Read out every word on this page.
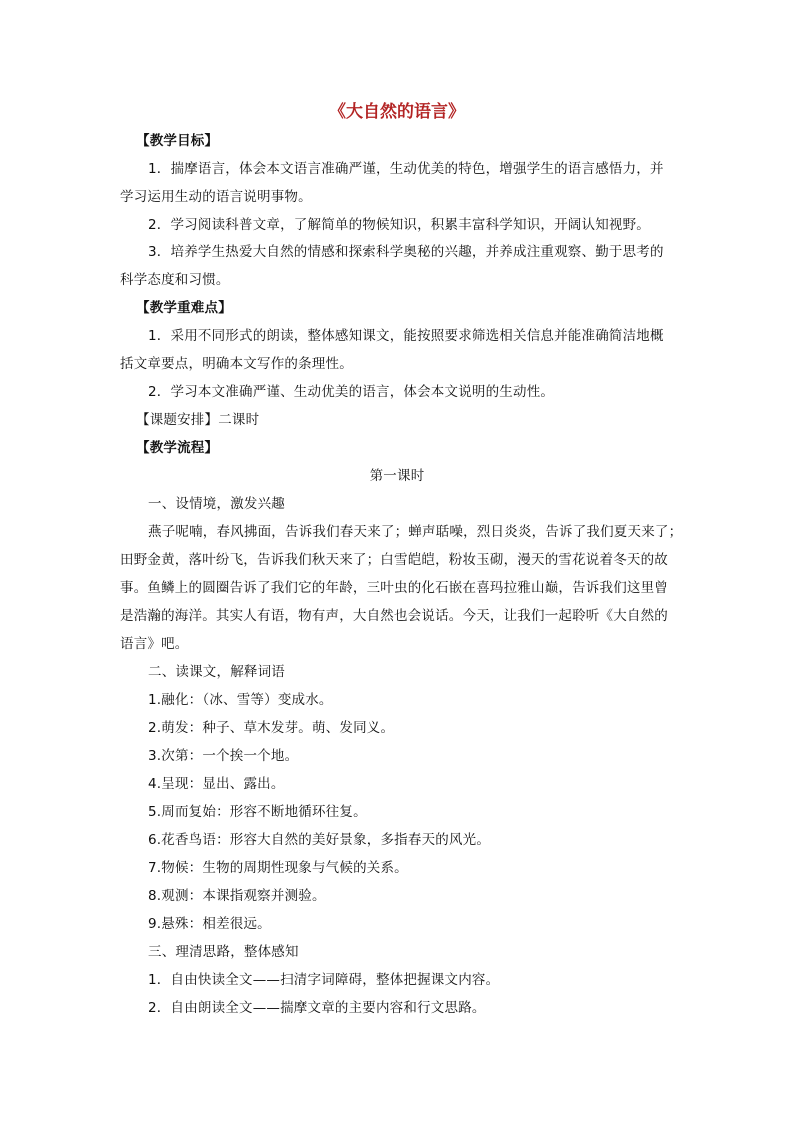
《大自然的语言》
【教学目标】
1．揣摩语言，体会本文语言准确严谨，生动优美的特色，增强学生的语言感悟力，并
学习运用生动的语言说明事物。
2．学习阅读科普文章，了解简单的物候知识，积累丰富科学知识，开阔认知视野。
3．培养学生热爱大自然的情感和探索科学奥秘的兴趣，并养成注重观察、勤于思考的
科学态度和习惯。
【教学重难点】
1．采用不同形式的朗读，整体感知课文，能按照要求筛选相关信息并能准确简洁地概
括文章要点，明确本文写作的条理性。
2．学习本文准确严谨、生动优美的语言，体会本文说明的生动性。
【课题安排】二课时
【教学流程】
第一课时
一、设情境，激发兴趣
燕子呢喃，春风拂面，告诉我们春天来了；蝉声聒噪，烈日炎炎，告诉了我们夏天来了；
田野金黄，落叶纷飞，告诉我们秋天来了；白雪皑皑，粉妆玉砌，漫天的雪花说着冬天的故
事。鱼鳞上的圆圈告诉了我们它的年龄，三叶虫的化石嵌在喜玛拉雅山巅，告诉我们这里曾
是浩瀚的海洋。其实人有语，物有声，大自然也会说话。今天，让我们一起聆听《大自然的
语言》吧。
二、读课文，解释词语
1.融化：（冰、雪等）变成水。
2.萌发：种子、草木发芽。萌、发同义。
3.次第：一个挨一个地。
4.呈现：显出、露出。
5.周而复始：形容不断地循环往复。
6.花香鸟语：形容大自然的美好景象，多指春天的风光。
7.物候：生物的周期性现象与气候的关系。
8.观测：本课指观察并测验。
9.悬殊：相差很远。
三、理清思路，整体感知
1．自由快读全文——扫清字词障碍，整体把握课文内容。
2．自由朗读全文——揣摩文章的主要内容和行文思路。
